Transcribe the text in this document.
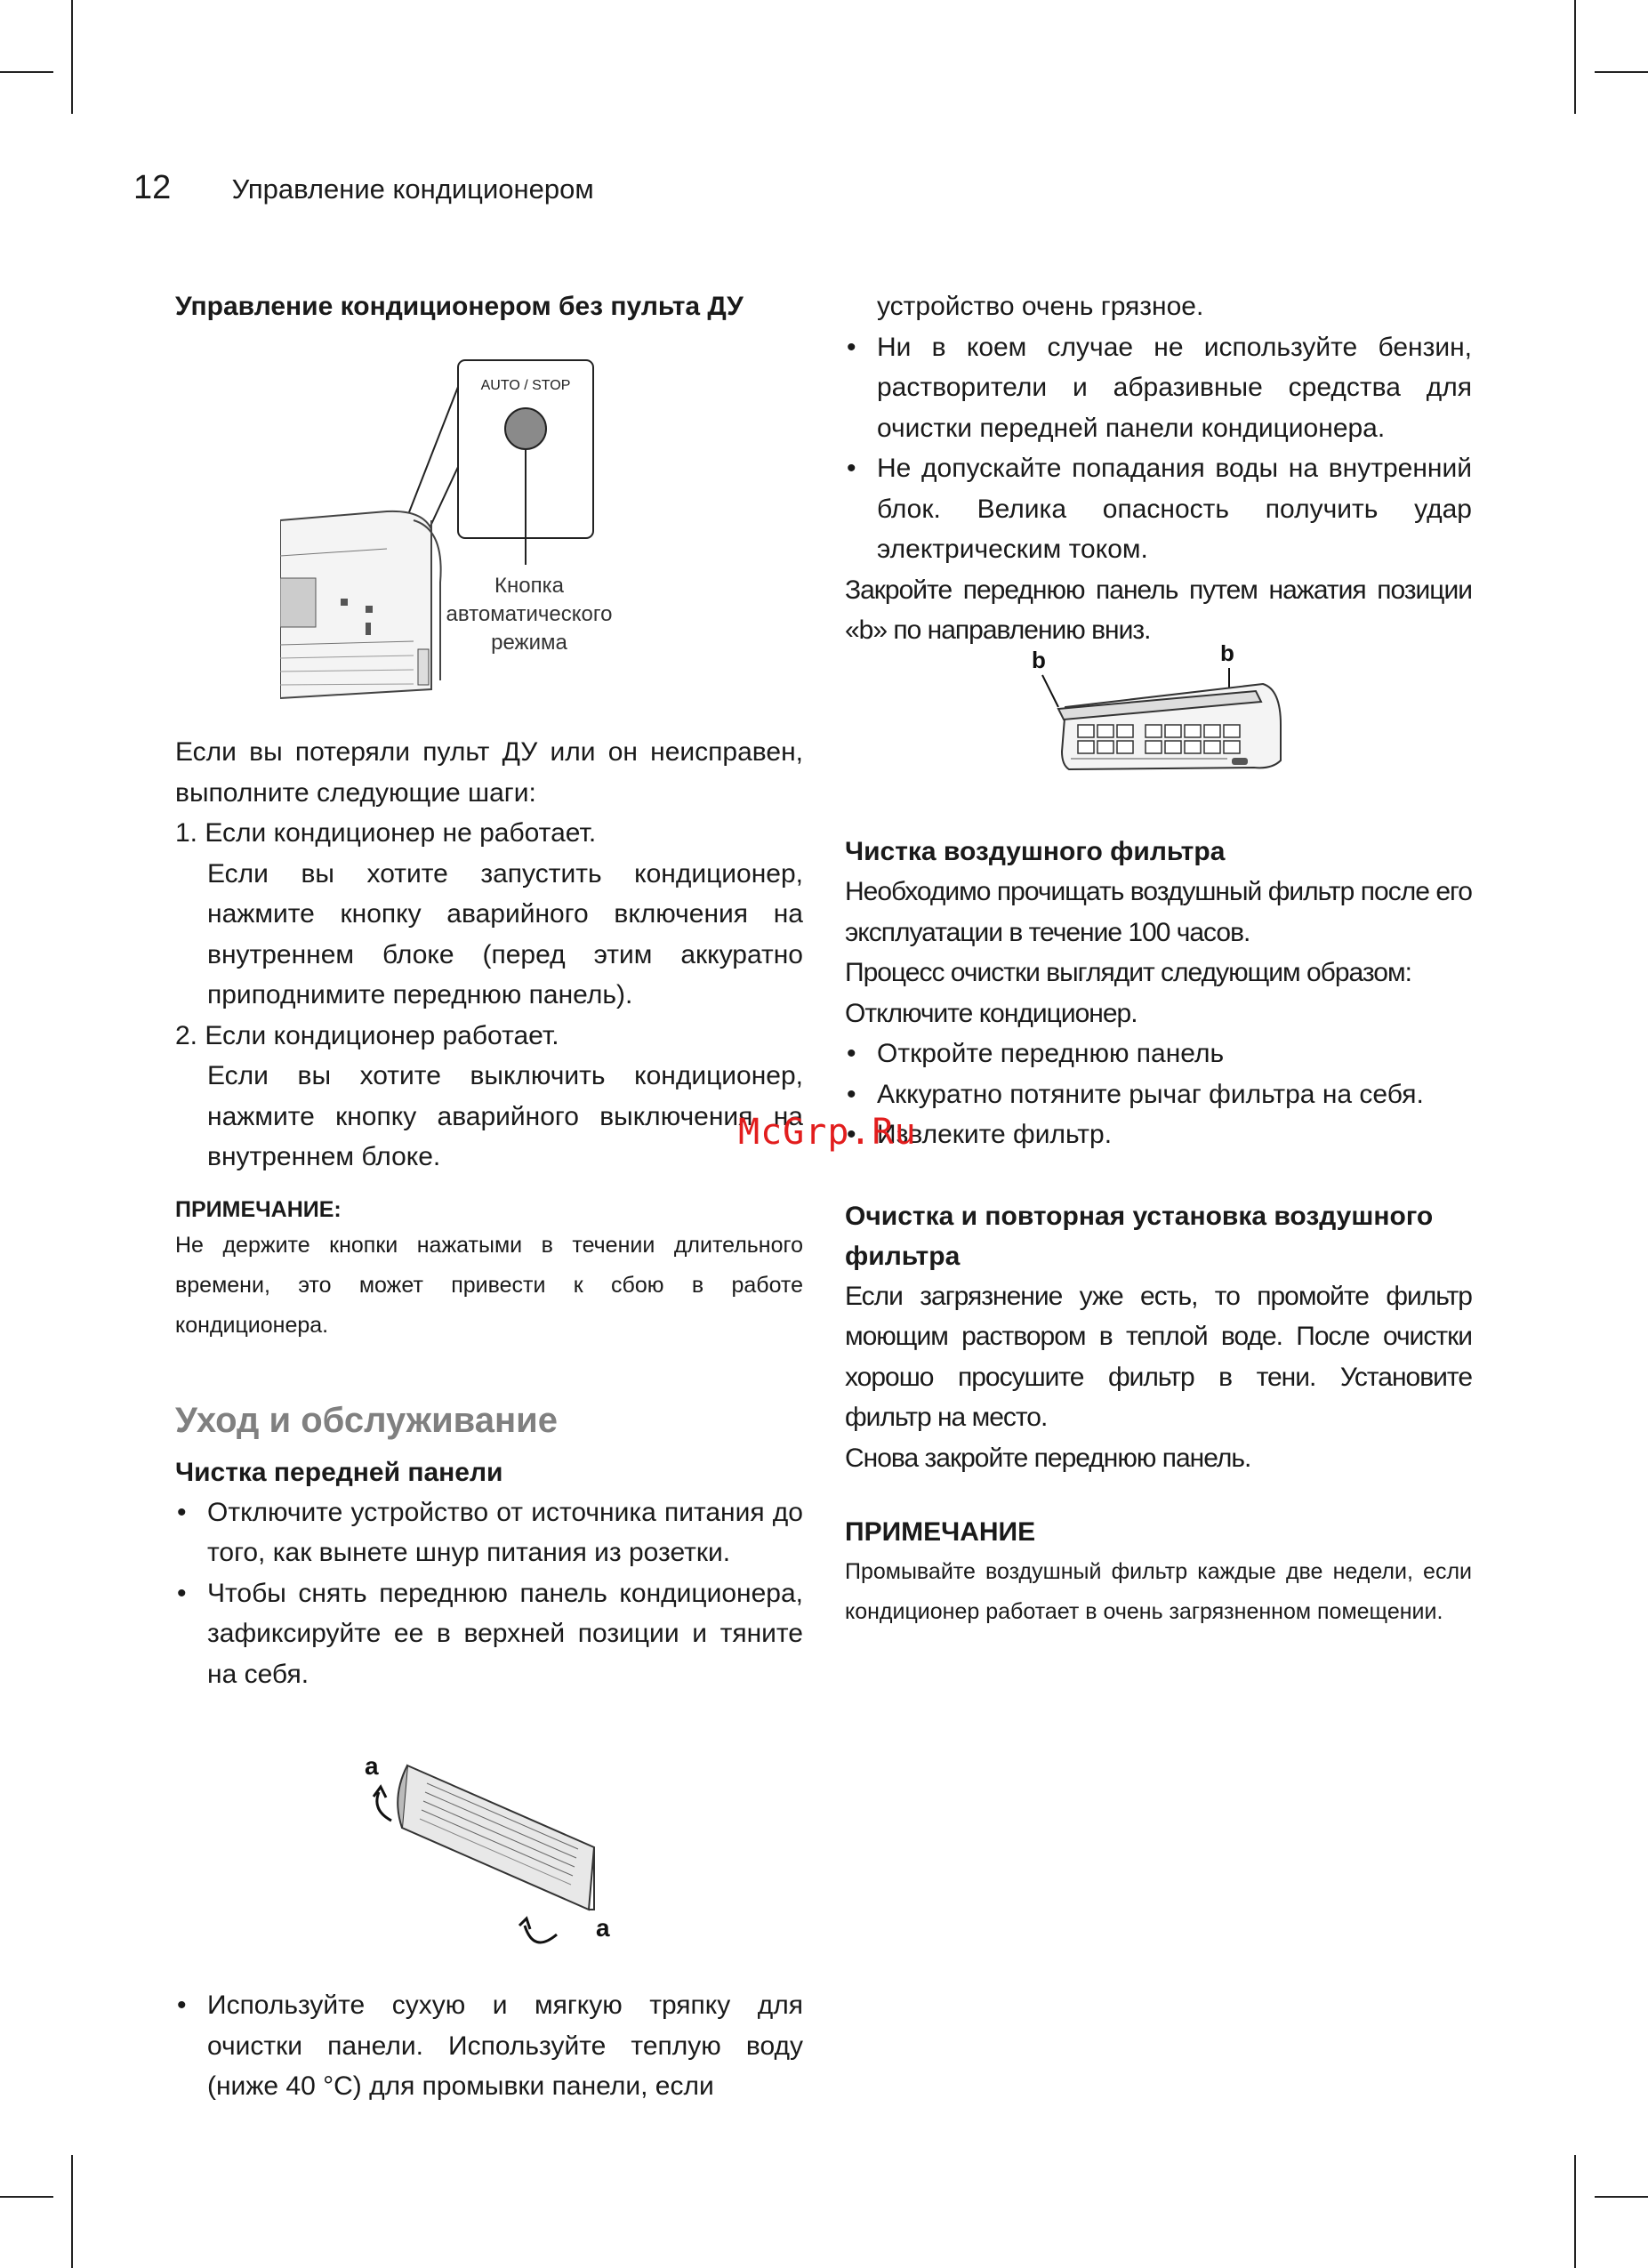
12 Управление кондиционером
Управление кондиционером без пульта ДУ
AUTO / STOP
Кнопка
автоматического
режима

Если вы потеряли пульт ДУ или он неисправен, выполните следующие шаги:

1. Если кондиционер не работает.

Если вы хотите запустить кондиционер, нажмите кнопку аварийного включения на внутреннем блоке (перед этим аккуратно приподнимите переднюю панель).

2. Если кондиционер работает.

Если вы хотите выключить кондиционер, нажмите кнопку аварийного выключения на внутреннем блоке.

ПРИМЕЧАНИЕ:

Не держите кнопки нажатыми в течении длительного времени, это может привести к сбою в работе кондиционера.

Уход и обслуживание
Чистка передней панели
• Отключите устройство от источника питания до того, как вынете шнур питания из розетки.
• Чтобы снять переднюю панель кондиционера, зафиксируйте ее в верхней позиции и тяните на себя.
a
a
• Используйте сухую и мягкую тряпку для очистки панели. Используйте теплую воду (ниже 40 °C) для промывки панели, если

устройство очень грязное.

• Ни в коем случае не используйте бензин, растворители и абразивные средства для очистки передней панели кондиционера.
• Не допускайте попадания воды на внутренний блок. Велика опасность получить удар электрическим током.

Закройте переднюю панель путем нажатия позиции «b» по направлению вниз.

b	b
Чистка воздушного фильтра

Необходимо прочищать воздушный фильтр после его эксплуатации в течение 100 часов.

Процесс очистки выглядит следующим образом:

Отключите кондиционер.

• Откройте переднюю панель
• Аккуратно потяните рычаг фильтра на себя.
• Извлеките фильтр.
Очистка и повторная установка воздушного фильтра

Если загрязнение уже есть, то промойте фильтр моющим раствором в теплой воде. После очистки хорошо просушите фильтр в тени. Установите фильтр на место.

Снова закройте переднюю панель.

ПРИМЕЧАНИЕ

Промывайте воздушный фильтр каждые две недели, если кондиционер работает в очень загрязненном помещении.

McGrp.Ru
